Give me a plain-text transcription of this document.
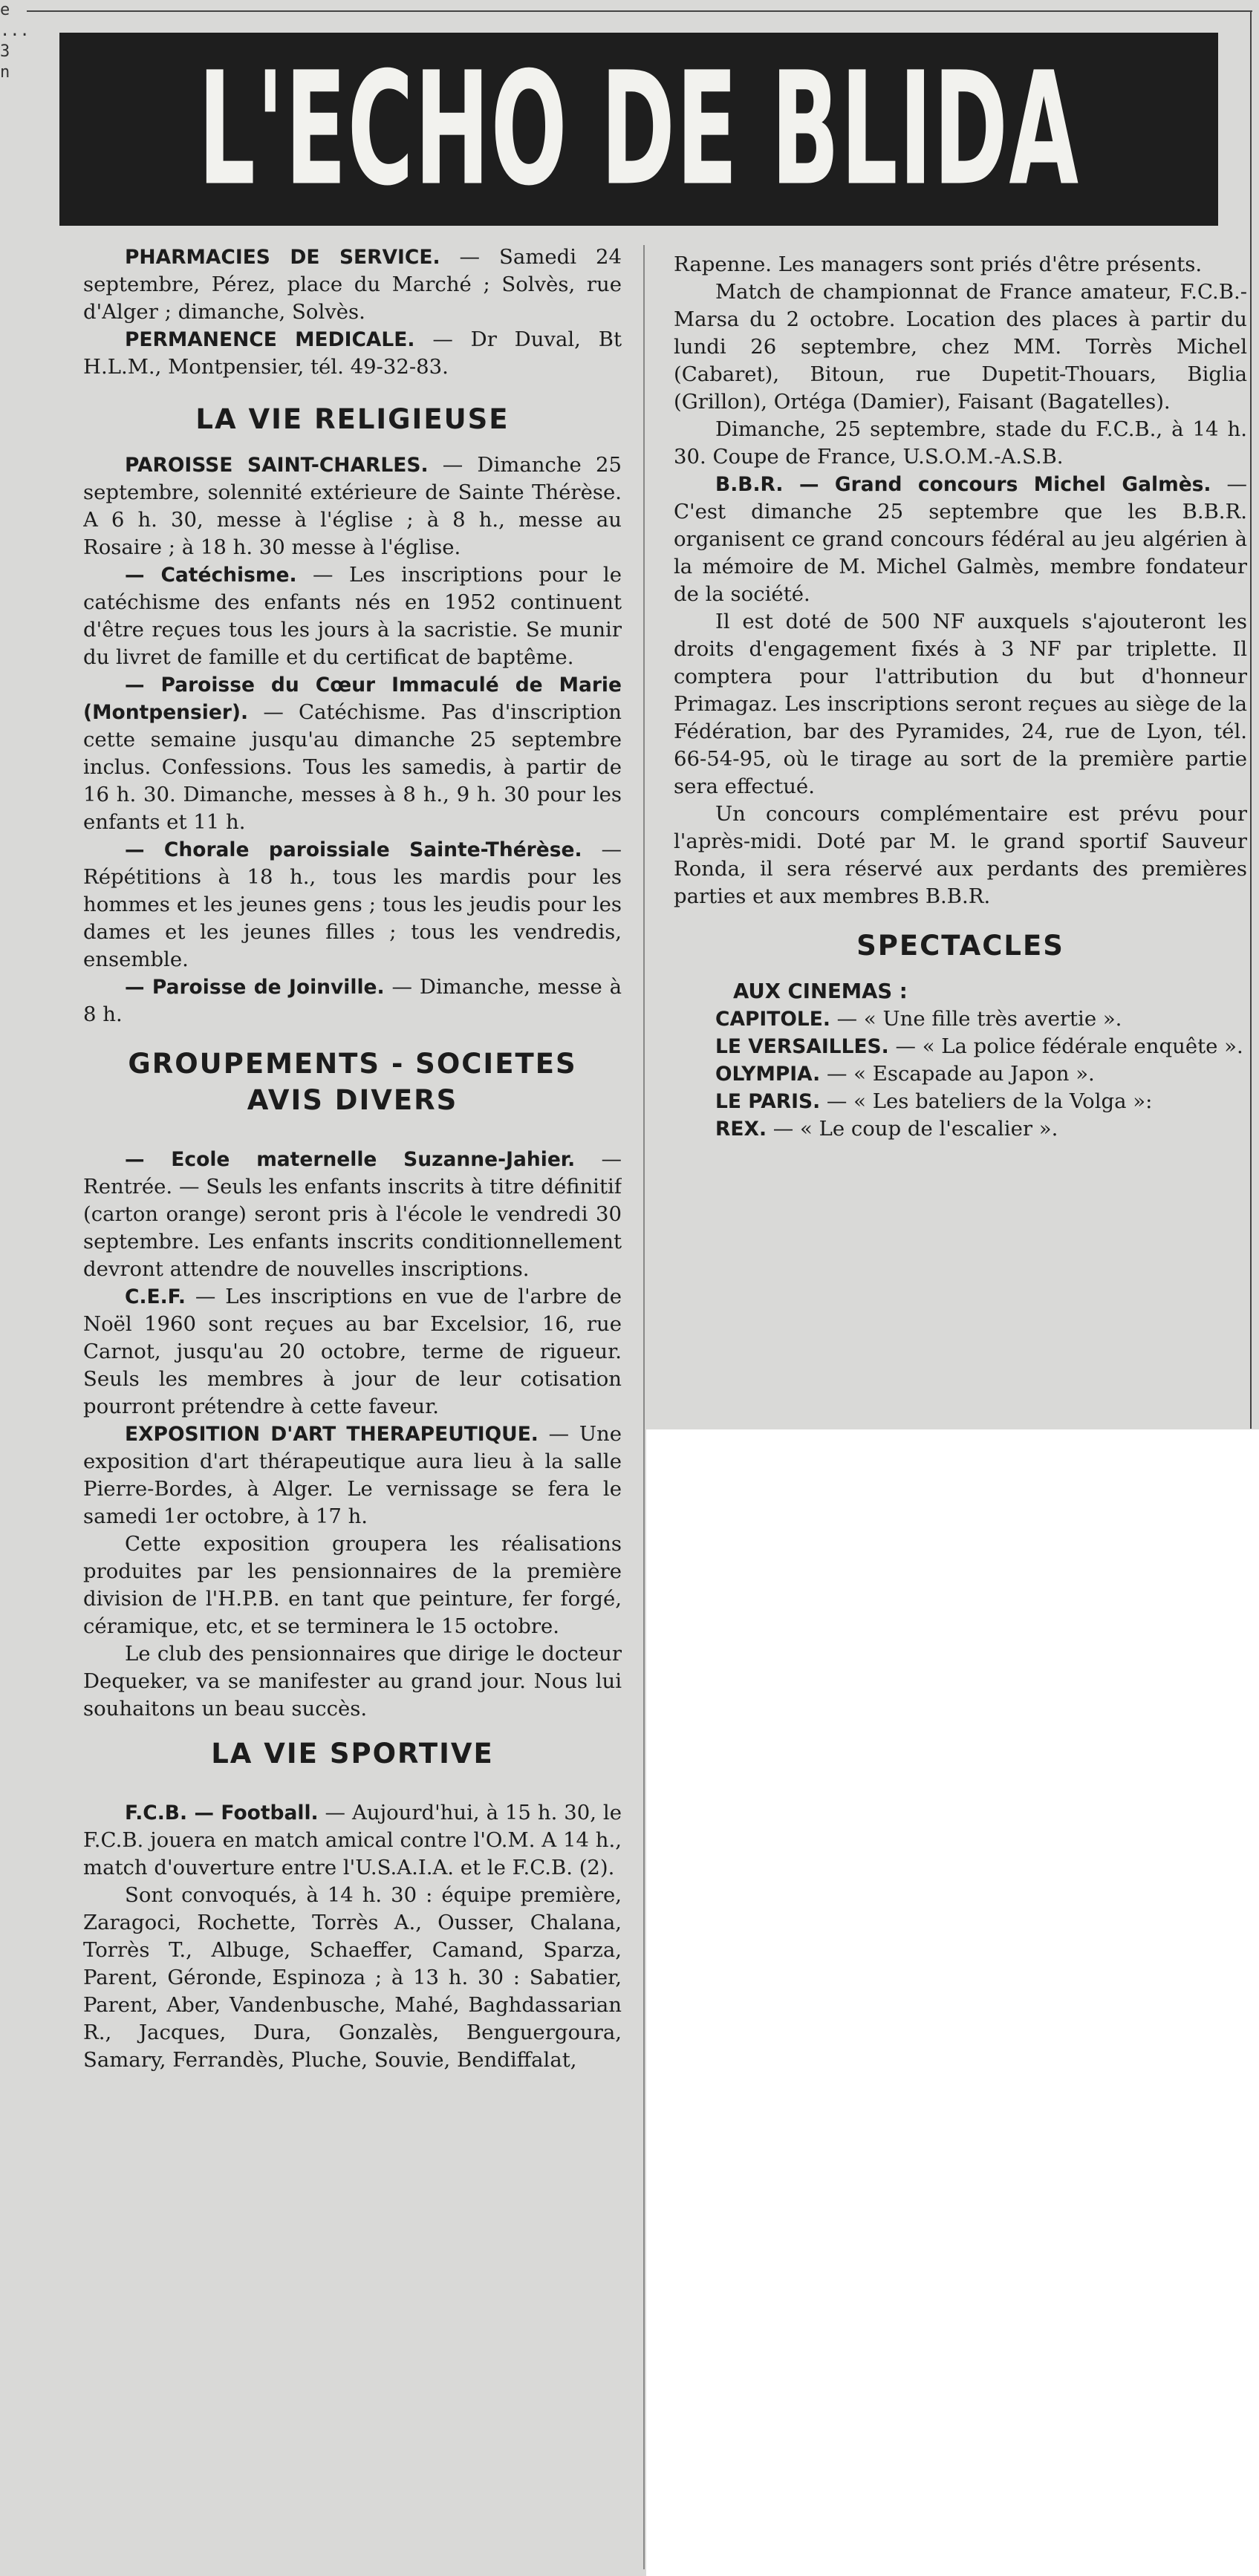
e
...
3
n L'ECHO DE BLIDA

PHARMACIES DE SERVICE. — Samedi 24 septembre, Pérez, place du Marché ; Solvès, rue d'Alger ; dimanche, Solvès.

PERMANENCE MEDICALE. — Dr Duval, Bt H.L.M., Montpensier, tél. 49-32-83.

LA VIE RELIGIEUSE

PAROISSE SAINT-CHARLES. — Dimanche 25 septembre, solennité extérieure de Sainte Thérèse. A 6 h. 30, messe à l'église ; à 8 h., messe au Rosaire ; à 18 h. 30 messe à l'église.

— Catéchisme. — Les inscriptions pour le catéchisme des enfants nés en 1952 continuent d'être reçues tous les jours à la sacristie. Se munir du livret de famille et du certificat de baptême.

— Paroisse du Cœur Immaculé de Marie (Montpensier). — Catéchisme. Pas d'inscription cette semaine jusqu'au dimanche 25 septembre inclus. Confessions. Tous les samedis, à partir de 16 h. 30. Dimanche, messes à 8 h., 9 h. 30 pour les enfants et 11 h.

— Chorale paroissiale Sainte-Thérèse. — Répétitions à 18 h., tous les mardis pour les hommes et les jeunes gens ; tous les jeudis pour les dames et les jeunes filles ; tous les vendredis, ensemble.

— Paroisse de Joinville. — Dimanche, messe à 8 h.

GROUPEMENTS - SOCIETES
AVIS DIVERS

— Ecole maternelle Suzanne-Jahier. — Rentrée. — Seuls les enfants inscrits à titre définitif (carton orange) seront pris à l'école le vendredi 30 septembre. Les enfants inscrits conditionnellement devront attendre de nouvelles inscriptions.

C.E.F. — Les inscriptions en vue de l'arbre de Noël 1960 sont reçues au bar Excelsior, 16, rue Carnot, jusqu'au 20 octobre, terme de rigueur. Seuls les membres à jour de leur cotisation pourront prétendre à cette faveur.

EXPOSITION D'ART THERAPEUTIQUE. — Une exposition d'art thérapeutique aura lieu à la salle Pierre-Bordes, à Alger. Le vernissage se fera le samedi 1er octobre, à 17 h.

Cette exposition groupera les réalisations produites par les pensionnaires de la première division de l'H.P.B. en tant que peinture, fer forgé, céramique, etc, et se terminera le 15 octobre.

Le club des pensionnaires que dirige le docteur Dequeker, va se manifester au grand jour. Nous lui souhaitons un beau succès.

LA VIE SPORTIVE

F.C.B. — Football. — Aujourd'hui, à 15 h. 30, le F.C.B. jouera en match amical contre l'O.M. A 14 h., match d'ouverture entre l'U.S.A.I.A. et le F.C.B. (2).

Sont convoqués, à 14 h. 30 : équipe première, Zaragoci, Rochette, Torrès A., Ousser, Chalana, Torrès T., Albuge, Schaeffer, Camand, Sparza, Parent, Géronde, Espinoza ; à 13 h. 30 : Sabatier, Parent, Aber, Vandenbusche, Mahé, Baghdassarian R., Jacques, Dura, Gonzalès, Benguergoura, Samary, Ferrandès, Pluche, Souvie, Bendiffalat,

Rapenne. Les managers sont priés d'être présents.

Match de championnat de France amateur, F.C.B.-Marsa du 2 octobre. Location des places à partir du lundi 26 septembre, chez MM. Torrès Michel (Cabaret), Bitoun, rue Dupetit-Thouars, Biglia (Grillon), Ortéga (Damier), Faisant (Bagatelles).

Dimanche, 25 septembre, stade du F.C.B., à 14 h. 30. Coupe de France, U.S.O.M.-A.S.B.

B.B.R. — Grand concours Michel Galmès. — C'est dimanche 25 septembre que les B.B.R. organisent ce grand concours fédéral au jeu algérien à la mémoire de M. Michel Galmès, membre fondateur de la société.

Il est doté de 500 NF auxquels s'ajouteront les droits d'engagement fixés à 3 NF par triplette. Il comptera pour l'attribution du but d'honneur Primagaz. Les inscriptions seront reçues au siège de la Fédération, bar des Pyramides, 24, rue de Lyon, tél. 66-54-95, où le tirage au sort de la première partie sera effectué.

Un concours complémentaire est prévu pour l'après-midi. Doté par M. le grand sportif Sauveur Ronda, il sera réservé aux perdants des premières parties et aux membres B.B.R.

SPECTACLES

AUX CINEMAS :

CAPITOLE. — « Une fille très avertie ».

LE VERSAILLES. — « La police fédérale enquête ».

OLYMPIA. — « Escapade au Japon ».

LE PARIS. — « Les bateliers de la Volga »:

REX. — « Le coup de l'escalier ».
